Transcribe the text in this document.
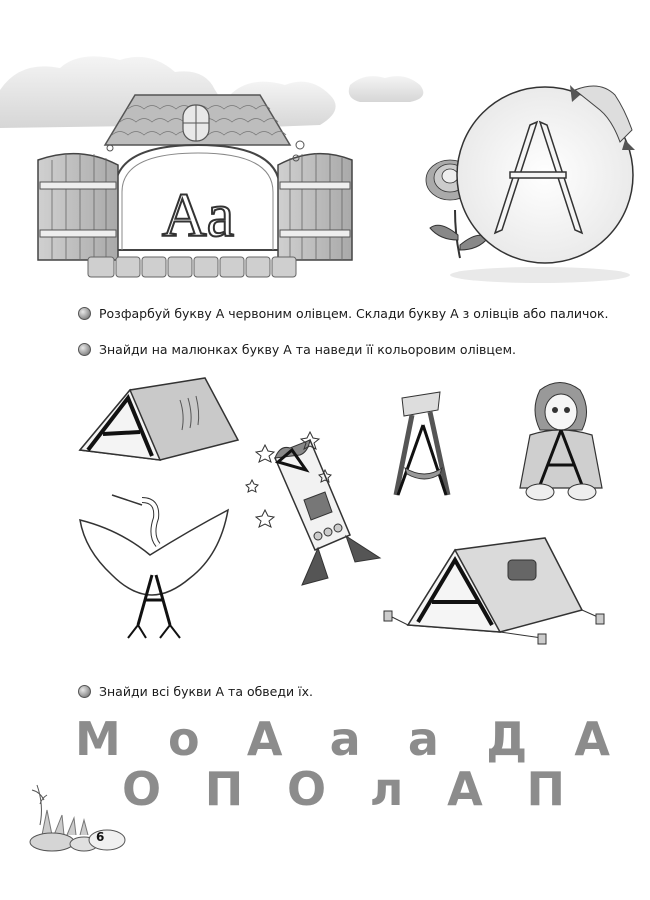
Aa
Розфарбуй букву А червоним олівцем. Склади букву А з олівців або паличок.
Знайди на малюнках букву А та наведи її кольоровим олівцем.
Знайди всі букви А та обведи їх.
М о А а а Д А
О П О л А П
6
